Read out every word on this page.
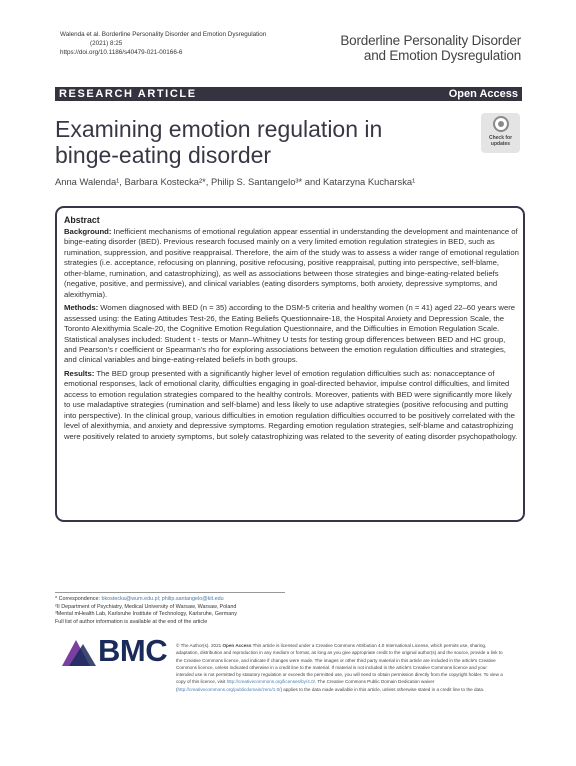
Walenda et al. Borderline Personality Disorder and Emotion Dysregulation
(2021) 8:25
https://doi.org/10.1186/s40479-021-00166-6
Borderline Personality Disorder
and Emotion Dysregulation
RESEARCH ARTICLE	Open Access
Examining emotion regulation in binge-eating disorder
Check for updates
Anna Walenda¹, Barbara Kostecka²*, Philip S. Santangelo³* and Katarzyna Kucharska¹
Abstract

Background: Inefficient mechanisms of emotional regulation appear essential in understanding the development and maintenance of binge-eating disorder (BED). Previous research focused mainly on a very limited emotion regulation strategies in BED, such as rumination, suppression, and positive reappraisal. Therefore, the aim of the study was to assess a wider range of emotional regulation strategies (i.e. acceptance, refocusing on planning, positive refocusing, positive reappraisal, putting into perspective, self-blame, other-blame, rumination, and catastrophizing), as well as associations between those strategies and binge-eating-related beliefs (negative, positive, and permissive), and clinical variables (eating disorders symptoms, both anxiety, depressive symptoms, and alexithymia).

Methods: Women diagnosed with BED (n = 35) according to the DSM-5 criteria and healthy women (n = 41) aged 22–60 years were assessed using: the Eating Attitudes Test-26, the Eating Beliefs Questionnaire-18, the Hospital Anxiety and Depression Scale, the Toronto Alexithymia Scale-20, the Cognitive Emotion Regulation Questionnaire, and the Difficulties in Emotion Regulation Scale. Statistical analyses included: Student t - tests or Mann–Whitney U tests for testing group differences between BED and HC group, and Pearson's r coefficient or Spearman's rho for exploring associations between the emotion regulation difficulties and strategies, and clinical variables and binge-eating-related beliefs in both groups.

Results: The BED group presented with a significantly higher level of emotion regulation difficulties such as: nonacceptance of emotional responses, lack of emotional clarity, difficulties engaging in goal-directed behavior, impulse control difficulties, and limited access to emotion regulation strategies compared to the healthy controls. Moreover, patients with BED were significantly more likely to use maladaptive strategies (rumination and self-blame) and less likely to use adaptive strategies (positive refocusing and putting into perspective). In the clinical group, various difficulties in emotion regulation difficulties occurred to be positively correlated with the level of alexithymia, and anxiety and depressive symptoms. Regarding emotion regulation strategies, self-blame and catastrophizing were positively related to anxiety symptoms, but solely catastrophizing was related to the severity of eating disorder psychopathology.

* Correspondence: bkostecka@wum.edu.pl; philip.santangelo@kit.edu
²II Department of Psychiatry, Medical University of Warsaw, Warsaw, Poland
³Mental mHealth Lab, Karlsruhe Institute of Technology, Karlsruhe, Germany
Full list of author information is available at the end of the article
BMC © The Author(s). 2021 Open Access This article is licensed under a Creative Commons Attribution 4.0 International License, which permits use, sharing, adaptation, distribution and reproduction in any medium or format, as long as you give appropriate credit to the original author(s) and the source, provide a link to the Creative Commons licence, and indicate if changes were made. The images or other third party material in this article are included in the article's Creative Commons licence, unless indicated otherwise in a credit line to the material. If material is not included in the article's Creative Commons licence and your intended use is not permitted by statutory regulation or exceeds the permitted use, you will need to obtain permission directly from the copyright holder. To view a copy of this licence, visit http://creativecommons.org/licenses/by/4.0/. The Creative Commons Public Domain Dedication waiver (http://creativecommons.org/publicdomain/zero/1.0/) applies to the data made available in this article, unless otherwise stated in a credit line to the data.
